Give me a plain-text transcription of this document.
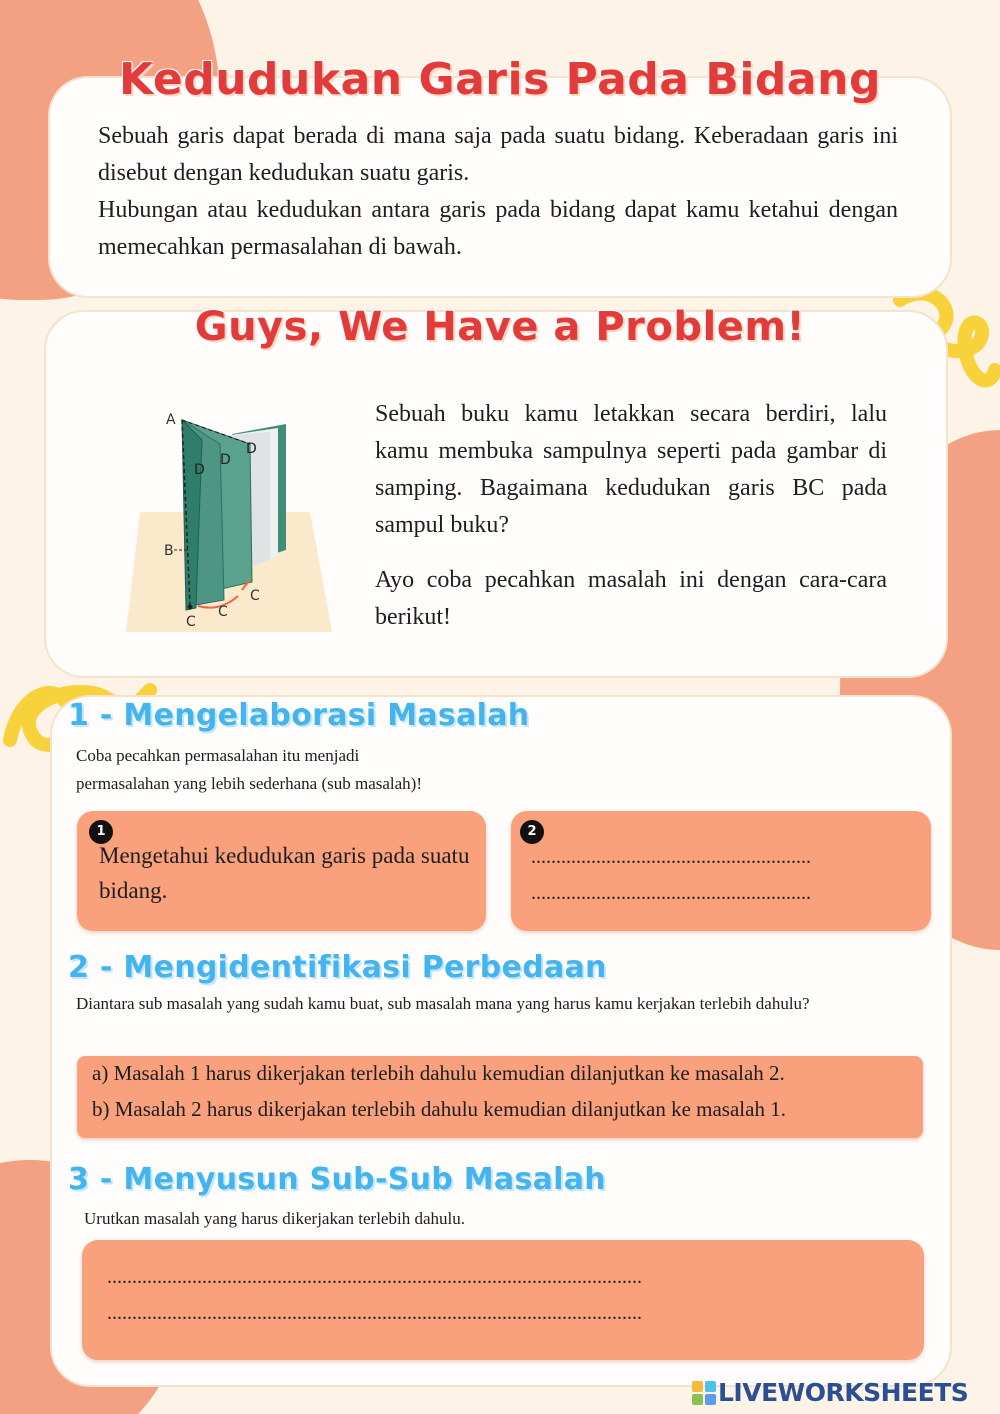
Kedudukan Garis Pada Bidang
Sebuah garis dapat berada di mana saja pada suatu bidang. Keberadaan garis ini disebut dengan kedudukan suatu garis.
Hubungan atau kedudukan antara garis pada bidang dapat kamu ketahui dengan memecahkan permasalahan di bawah.
Guys, We Have a Problem!
A
B
C
C
C
D
D
D
Sebuah buku kamu letakkan secara berdiri, lalu kamu membuka sampulnya seperti pada gambar di samping. Bagaimana kedudukan garis BC pada sampul buku?
Ayo coba pecahkan masalah ini dengan cara-cara berikut!
1 - Mengelaborasi Masalah
Coba pecahkan permasalahan itu menjadi
permasalahan yang lebih sederhana (sub masalah)!
1
Mengetahui kedudukan garis pada suatu bidang.
2
........................................................
........................................................
2 - Mengidentifikasi Perbedaan
Diantara sub masalah yang sudah kamu buat, sub masalah mana yang harus kamu kerjakan terlebih dahulu?
a) Masalah 1 harus dikerjakan terlebih dahulu kemudian dilanjutkan ke masalah 2.
b) Masalah 2 harus dikerjakan terlebih dahulu kemudian dilanjutkan ke masalah 1.
3 - Menyusun Sub-Sub Masalah
Urutkan masalah yang harus dikerjakan terlebih dahulu.
...........................................................................................................
...........................................................................................................
LIVEWORKSHEETS
